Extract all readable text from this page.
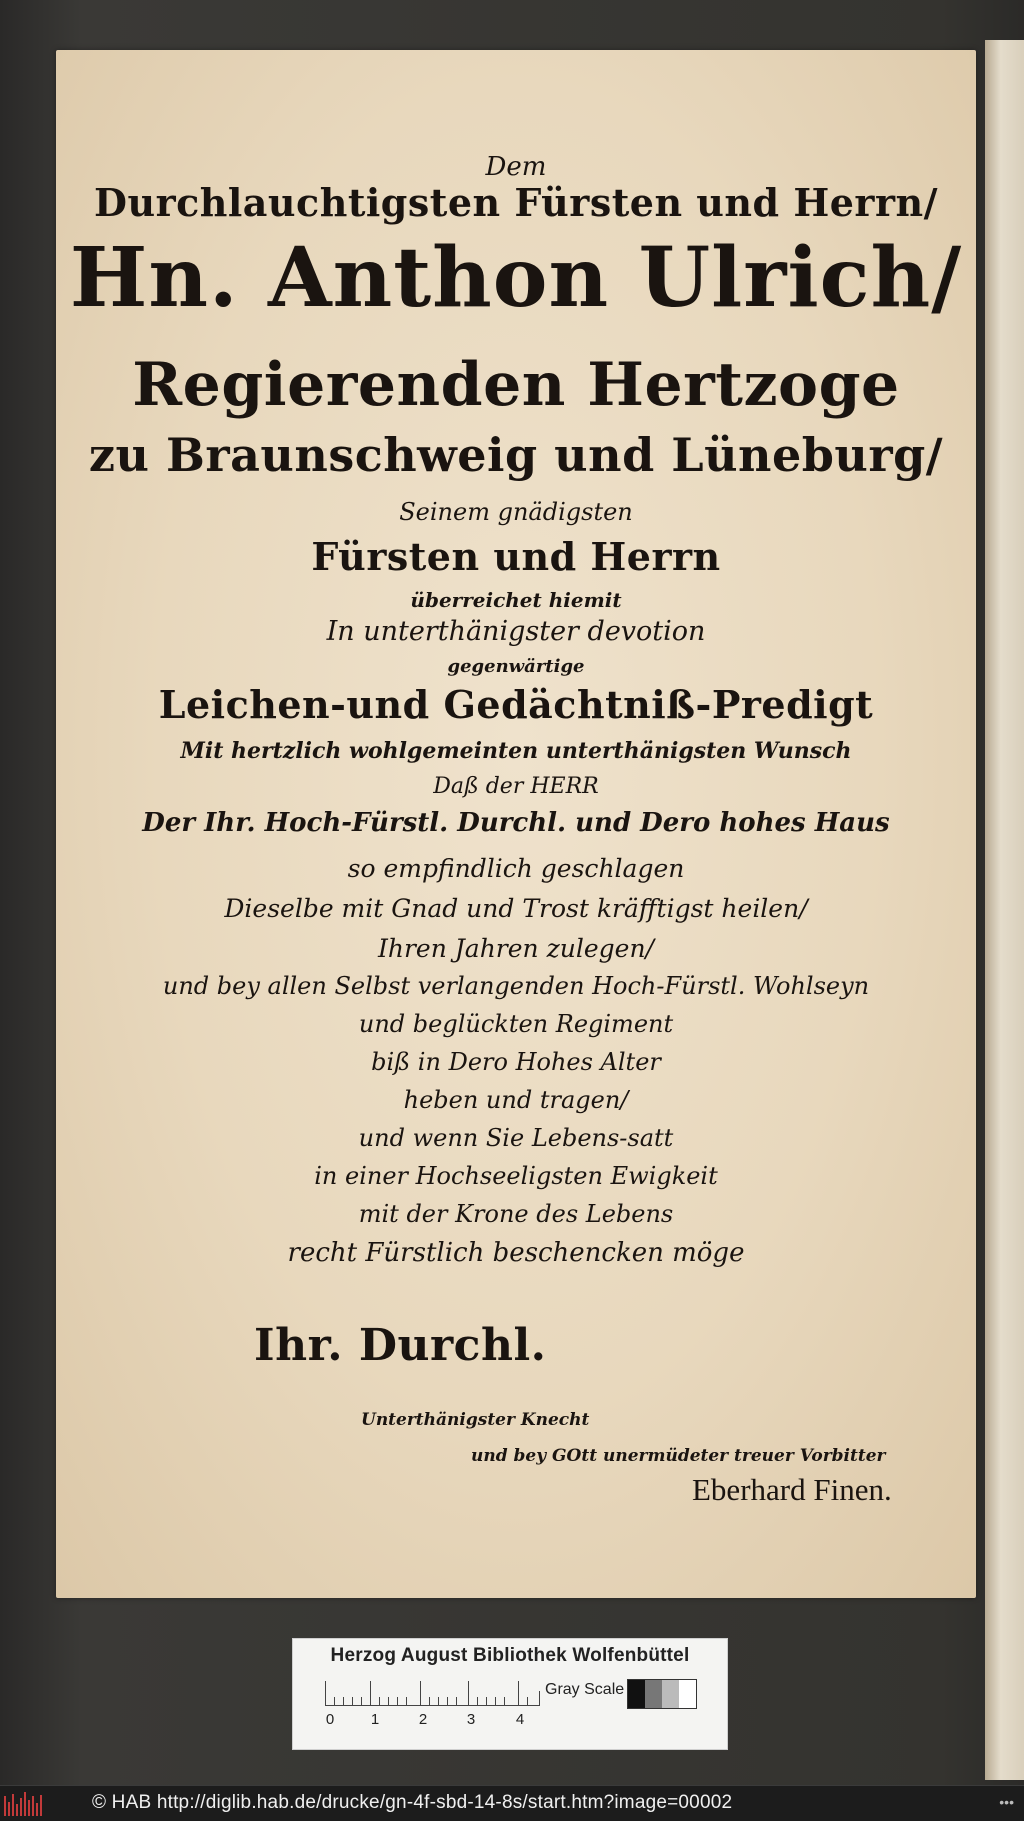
Dem
Durchlauchtigsten Fürsten und Herrn/
Hn. Anthon Ulrich/
Regierenden Hertzoge
zu Braunschweig und Lüneburg/
Seinem gnädigsten
Fürsten und Herrn
überreichet hiemit
In unterthänigster devotion
gegenwärtige
Leichen-und Gedächtniß-Predigt
Mit hertzlich wohlgemeinten unterthänigsten Wunsch
Daß der HERR
Der Ihr. Hoch-Fürstl. Durchl. und Dero hohes Haus
so empfindlich geschlagen
Dieselbe mit Gnad und Trost kräfftigst heilen/
Ihren Jahren zulegen/
und bey allen Selbst verlangenden Hoch-Fürstl. Wohlseyn
und beglückten Regiment
biß in Dero Hohes Alter
heben und tragen/
und wenn Sie Lebens-satt
in einer Hochseeligsten Ewigkeit
mit der Krone des Lebens
recht Fürstlich beschencken möge
Ihr. Durchl.
Unterthänigster Knecht
und bey GOtt unermüdeter treuer Vorbitter
Eberhard Finen.
Herzog August Bibliothek Wolfenbüttel
0 1	2	3	4
Gray Scale
© HAB http://diglib.hab.de/drucke/gn-4f-sbd-14-8s/start.htm?image=00002	•••
